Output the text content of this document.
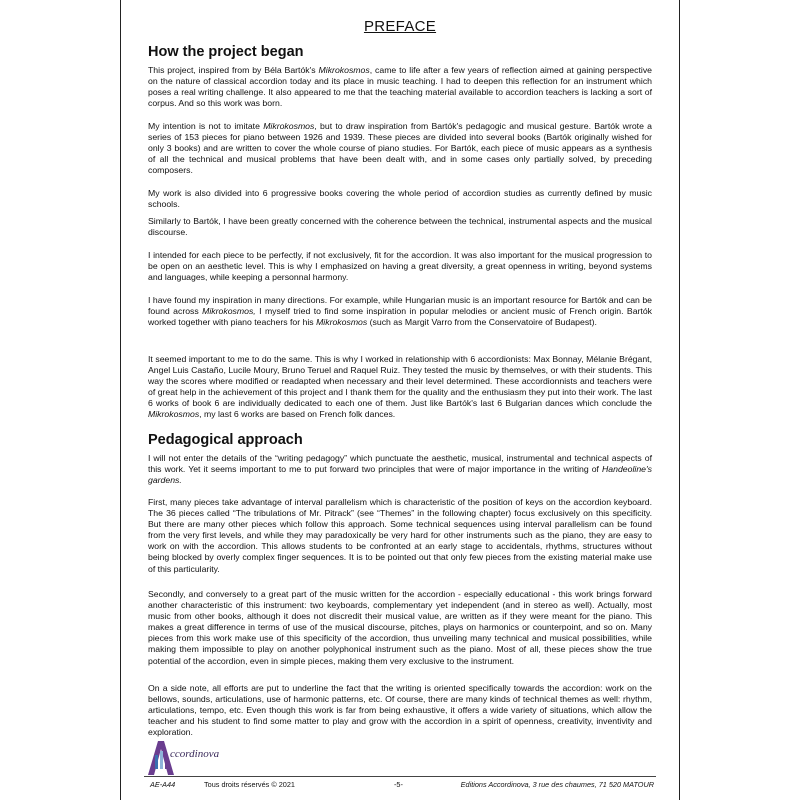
PREFACE
How the project began

This project, inspired from by Béla Bartók's Mikrokosmos, came to life after a few years of reflection aimed at gaining perspective on the nature of classical accordion today and its place in music teaching. I had to deepen this reflection for an instrument which poses a real writing challenge. It also appeared to me that the teaching material available to accordion teachers is lacking a sort of corpus. And so this work was born.

My intention is not to imitate Mikrokosmos, but to draw inspiration from Bartók's pedagogic and musical gesture. Bartók wrote a series of 153 pieces for piano between 1926 and 1939. These pieces are divided into several books (Bartók originally wished for only 3 books) and are written to cover the whole course of piano studies. For Bartók, each piece of music appears as a synthesis of all the technical and musical problems that have been dealt with, and in some cases only partially solved, by preceding composers.

My work is also divided into 6 progressive books covering the whole period of accordion studies as currently defined by music schools.

Similarly to Bartók, I have been greatly concerned with the coherence between the technical, instrumental aspects and the musical discourse.

I intended for each piece to be perfectly, if not exclusively, fit for the accordion. It was also important for the musical progression to be open on an aesthetic level. This is why I emphasized on having a great diversity, a great openness in writing, beyond systems and languages, while keeping a personnal harmony.

I have found my inspiration in many directions. For example, while Hungarian music is an important resource for Bartók and can be found across Mikrokosmos, I myself tried to find some inspiration in popular melodies or ancient music of French origin. Bartók worked together with piano teachers for his Mikrokosmos (such as Margit Varro from the Conservatoire of Budapest).

It seemed important to me to do the same. This is why I worked in relationship with 6 accordionists: Max Bonnay, Mélanie Brégant, Angel Luis Castaño, Lucile Moury, Bruno Teruel and Raquel Ruiz. They tested the music by themselves, or with their students. This way the scores where modified or readapted when necessary and their level determined. These accordionnists and teachers were of great help in the achievement of this project and I thank them for the quality and the enthusiasm they put into their work. The last 6 works of book 6 are individually dedicated to each one of them. Just like Bartók's last 6 Bulgarian dances which conclude the Mikrokosmos, my last 6 works are based on French folk dances.

Pedagogical approach

I will not enter the details of the “writing pedagogy” which punctuate the aesthetic, musical, instrumental and technical aspects of this work. Yet it seems important to me to put forward two principles that were of major importance in the writing of Handeoline's gardens.

First, many pieces take advantage of interval parallelism which is characteristic of the position of keys on the accordion keyboard. The 36 pieces called “The tribulations of Mr. Pitrack” (see “Themes” in the following chapter) focus exclusively on this specificity. But there are many other pieces which follow this approach. Some technical sequences using interval parallelism can be found from the very first levels, and while they may paradoxically be very hard for other instruments such as the piano, they are easy to work on with the accordion. This allows students to be confronted at an early stage to accidentals, rhythms, structures without being blocked by overly complex finger sequences. It is to be pointed out that only few pieces from the existing material make use of this particularity.

Secondly, and conversely to a great part of the music written for the accordion - especially educational - this work brings forward another characteristic of this instrument: two keyboards, complementary yet independent (and in stereo as well). Actually, most music from other books, although it does not discredit their musical value, are written as if they were meant for the piano. This makes a great difference in terms of use of the musical discourse, pitches, plays on harmonics or counterpoint, and so on. Many pieces from this work make use of this specificity of the accordion, thus unveiling many technical and musical possibilities, while making them impossible to play on another polyphonical instrument such as the piano. Most of all, these pieces show the true potential of the accordion, even in simple pieces, making them very exclusive to the instrument.

On a side note, all efforts are put to underline the fact that the writing is oriented specifically towards the accordion: work on the bellows, sounds, articulations, use of harmonic patterns, etc. Of course, there are many kinds of technical themes as well: rhythm, articulations, tempo, etc. Even though this work is far from being exhaustive, it offers a wide variety of situations, which allow the teacher and his student to find some matter to play and grow with the accordion in a spirit of openness, creativity, inventivity and exploration.

ccordinova
AE-A44	Tous droits réservés © 2021	-5-	Editions Accordinova, 3 rue des chaumes, 71 520 MATOUR
